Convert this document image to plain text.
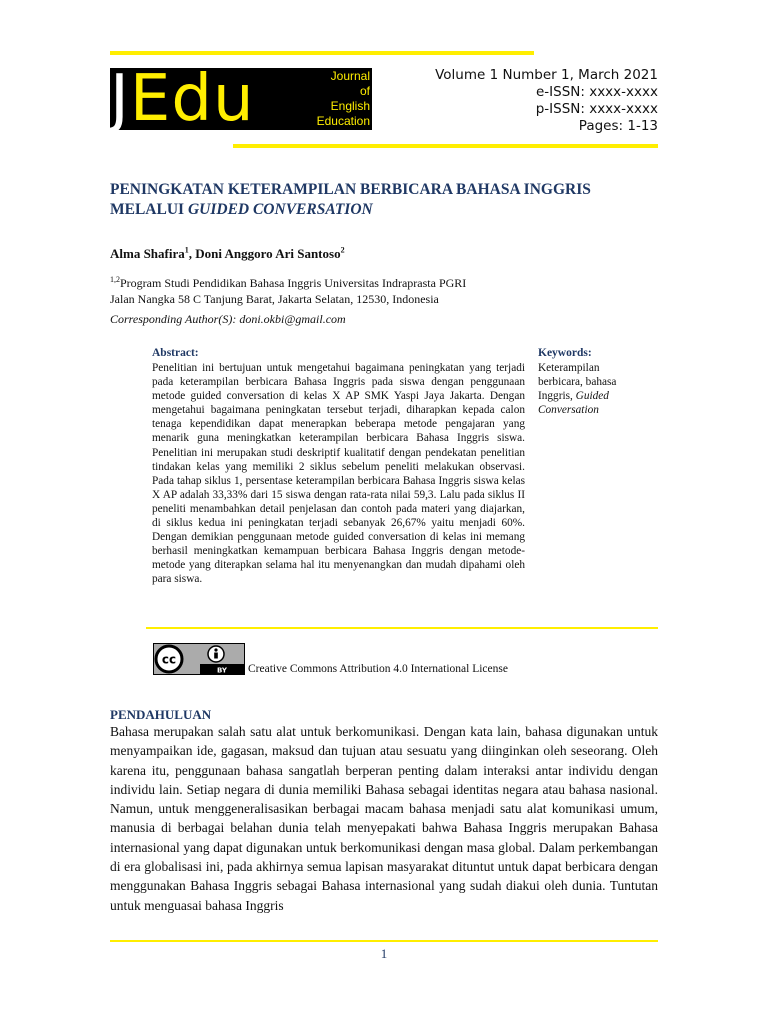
JEdu	Journal
of
English
Education
Volume 1 Number 1, March 2021
e-ISSN: xxxx-xxxx
p-ISSN: xxxx-xxxx
Pages: 1-13
PENINGKATAN KETERAMPILAN BERBICARA BAHASA INGGRIS
MELALUI GUIDED CONVERSATION
Alma Shafira$^1$, Doni Anggoro Ari Santoso$^2$
$^{1,2}$Program Studi Pendidikan Bahasa Inggris Universitas Indraprasta PGRI
Jalan Nangka 58 C Tanjung Barat, Jakarta Selatan, 12530, Indonesia
Corresponding Author(S): doni.okbi@gmail.com
Abstract:
Penelitian ini bertujuan untuk mengetahui bagaimana peningkatan yang terjadi pada keterampilan berbicara Bahasa Inggris pada siswa dengan penggunaan metode guided conversation di kelas X AP SMK Yaspi Jaya Jakarta. Dengan mengetahui bagaimana peningkatan tersebut terjadi, diharapkan kepada calon tenaga kependidikan dapat menerapkan beberapa metode pengajaran yang menarik guna meningkatkan keterampilan berbicara Bahasa Inggris siswa. Penelitian ini merupakan studi deskriptif kualitatif dengan pendekatan penelitian tindakan kelas yang memiliki 2 siklus sebelum peneliti melakukan observasi. Pada tahap siklus 1, persentase keterampilan berbicara Bahasa Inggris siswa kelas X AP adalah 33,33% dari 15 siswa dengan rata-rata nilai 59,3. Lalu pada siklus II peneliti menambahkan detail penjelasan dan contoh pada materi yang diajarkan, di siklus kedua ini peningkatan terjadi sebanyak 26,67% yaitu menjadi 60%. Dengan demikian penggunaan metode guided conversation di kelas ini memang berhasil meningkatkan kemampuan berbicara Bahasa Inggris dengan metode-metode yang diterapkan selama hal itu menyenangkan dan mudah dipahami oleh para siswa.
Keywords:
Keterampilan berbicara, bahasa Inggris, Guided Conversation
cc
BY Creative Commons Attribution 4.0 International License
PENDAHULUAN
Bahasa merupakan salah satu alat untuk berkomunikasi. Dengan kata lain, bahasa digunakan untuk menyampaikan ide, gagasan, maksud dan tujuan atau sesuatu yang diinginkan oleh seseorang. Oleh karena itu, penggunaan bahasa sangatlah berperan penting dalam interaksi antar individu dengan individu lain. Setiap negara di dunia memiliki Bahasa sebagai identitas negara atau bahasa nasional. Namun, untuk menggeneralisasikan berbagai macam bahasa menjadi satu alat komunikasi umum, manusia di berbagai belahan dunia telah menyepakati bahwa Bahasa Inggris merupakan Bahasa internasional yang dapat digunakan untuk berkomunikasi dengan masa global. Dalam perkembangan di era globalisasi ini, pada akhirnya semua lapisan masyarakat dituntut untuk dapat berbicara dengan menggunakan Bahasa Inggris sebagai Bahasa internasional yang sudah diakui oleh dunia. Tuntutan untuk menguasai bahasa Inggris
1
